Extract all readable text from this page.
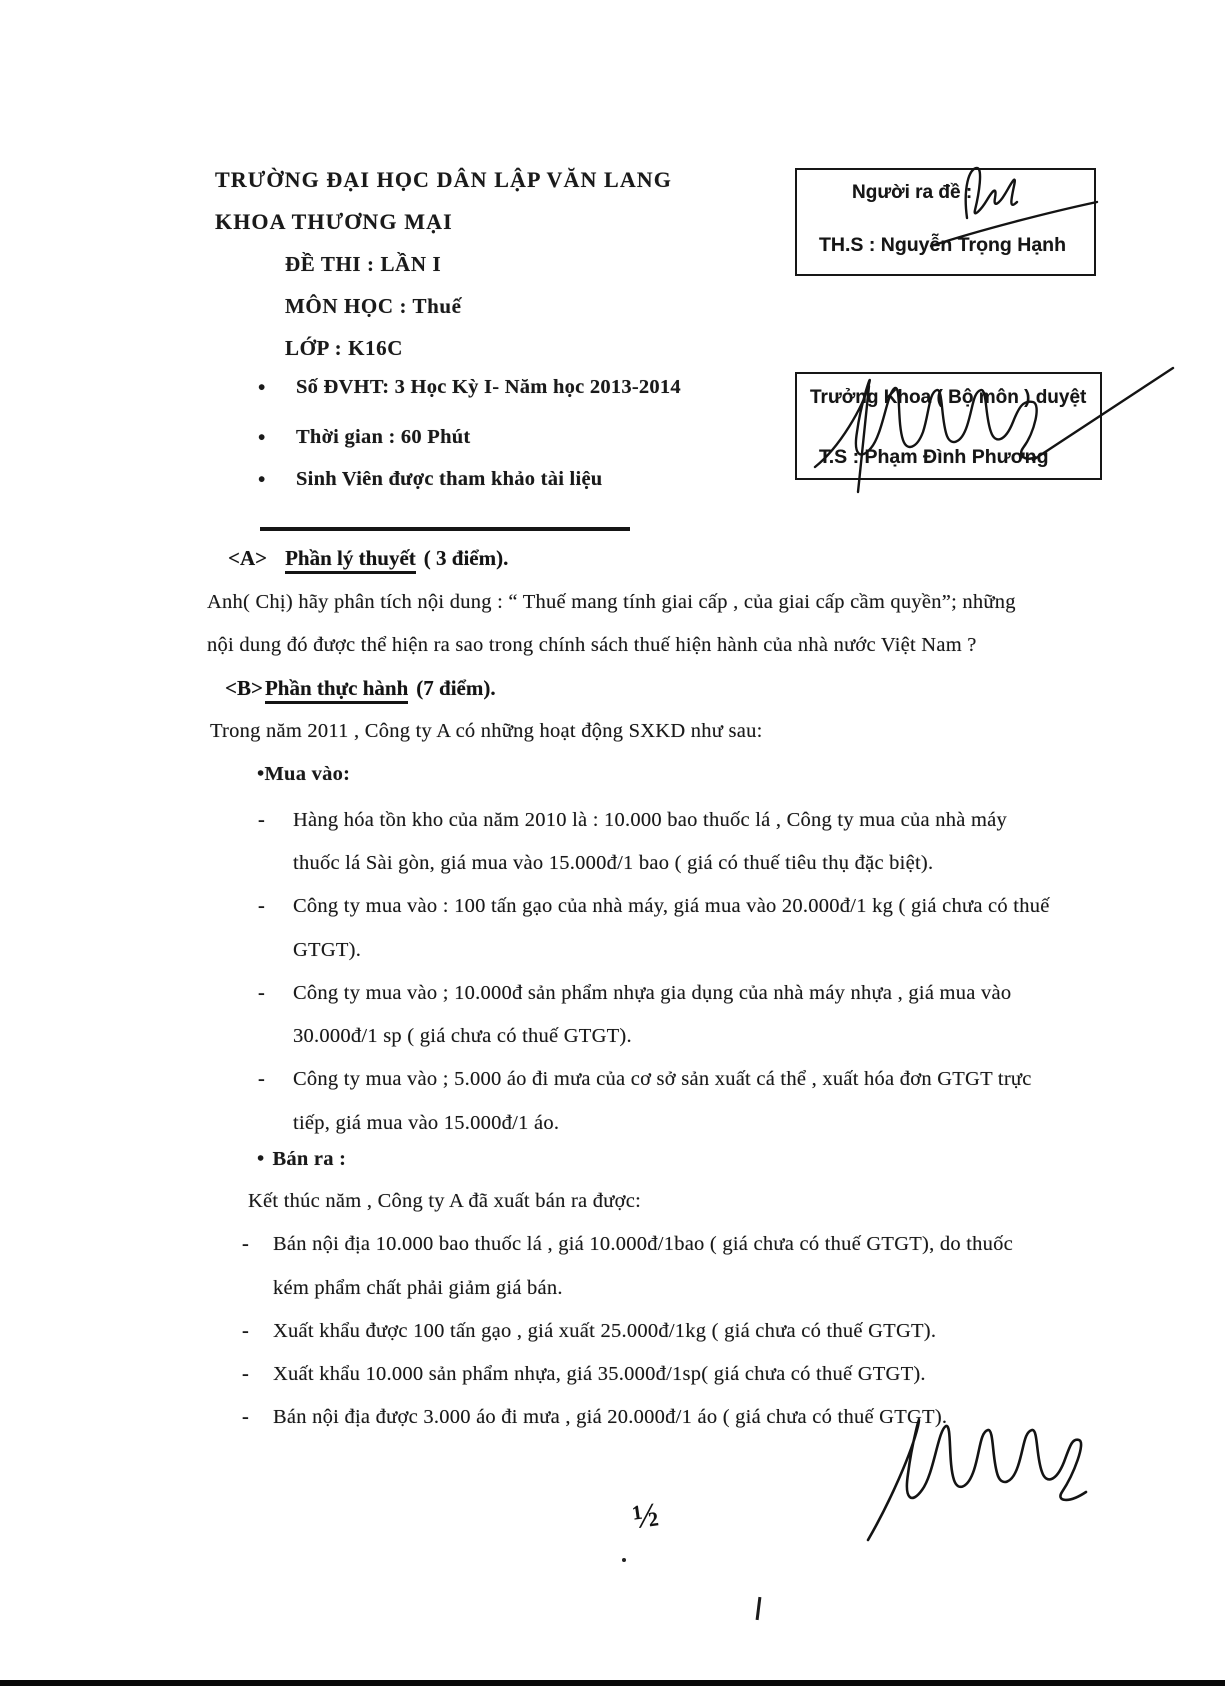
TRƯỜNG ĐẠI HỌC DÂN LẬP VĂN LANG
KHOA THƯƠNG MẠI
ĐỀ THI : LẦN I
MÔN HỌC : Thuế
LỚP : K16C
• Số ĐVHT: 3 Học Kỳ I- Năm học 2013-2014
• Thời gian : 60 Phút
• Sinh Viên được tham khảo tài liệu
Người ra đề :
TH.S : Nguyễn Trọng Hạnh
Trưởng Khoa ( Bộ môn ) duyệt
T.S : Phạm Đình Phương
<A> Phần lý thuyết ( 3 điểm).
Anh( Chị) hãy phân tích nội dung : “ Thuế mang tính giai cấp , của giai cấp cầm quyền”; những
nội dung đó được thể hiện ra sao trong chính sách thuế hiện hành của nhà nước Việt Nam ?
<B>Phần thực hành (7 điểm).
Trong năm 2011 , Công ty A có những hoạt động SXKD như sau:
•Mua vào:
- Hàng hóa tồn kho của năm 2010 là : 10.000 bao thuốc lá , Công ty mua của nhà máy
thuốc lá Sài gòn, giá mua vào 15.000đ/1 bao ( giá có thuế tiêu thụ đặc biệt).
- Công ty mua vào : 100 tấn gạo của nhà máy, giá mua vào 20.000đ/1 kg ( giá chưa có thuế
GTGT).
- Công ty mua vào ; 10.000đ sản phẩm nhựa gia dụng của nhà máy nhựa , giá mua vào
30.000đ/1 sp ( giá chưa có thuế GTGT).
- Công ty mua vào ; 5.000 áo đi mưa của cơ sở sản xuất cá thể , xuất hóa đơn GTGT trực
tiếp, giá mua vào 15.000đ/1 áo.
• Bán ra :
Kết thúc năm , Công ty A đã xuất bán ra được:
- Bán nội địa 10.000 bao thuốc lá , giá 10.000đ/1bao ( giá chưa có thuế GTGT), do thuốc
kém phẩm chất phải giảm giá bán.
- Xuất khẩu được 100 tấn gạo , giá xuất 25.000đ/1kg ( giá chưa có thuế GTGT).
- Xuất khẩu 10.000 sản phẩm nhựa, giá 35.000đ/1sp( giá chưa có thuế GTGT).
- Bán nội địa được 3.000 áo đi mưa , giá 20.000đ/1 áo ( giá chưa có thuế GTGT).
½
